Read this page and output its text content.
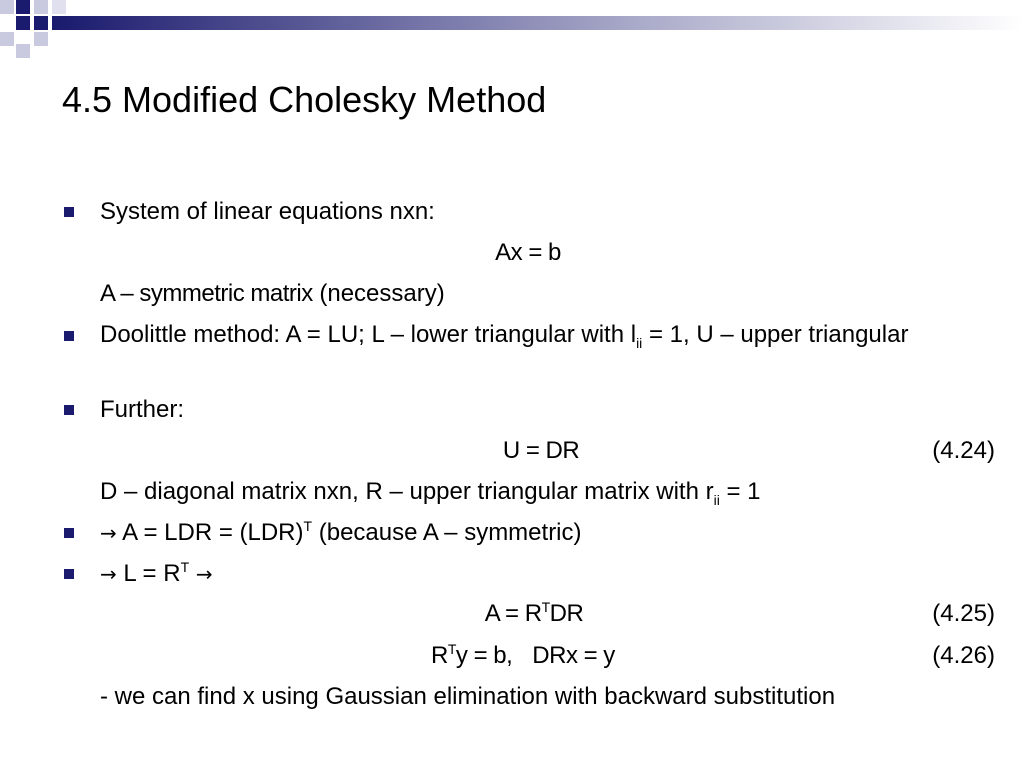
4.5 Modified Cholesky Method
System of linear equations nxn:
Ax = b
A – symmetric matrix (necessary)
Doolittle method: A = LU; L – lower triangular with $l_{ii} = 1$, U – upper triangular
Further:
U = DR	(4.24)
D – diagonal matrix nxn, R – upper triangular matrix with $r_{ii} = 1$
→ A = LDR = (LDR)$^T$ (because A – symmetric)
→ $L = R^T$ →
$A = R^TDR$	(4.25)
$R^Ty = b$, DRx = y	(4.26)
- we can find x using Gaussian elimination with backward substitution
